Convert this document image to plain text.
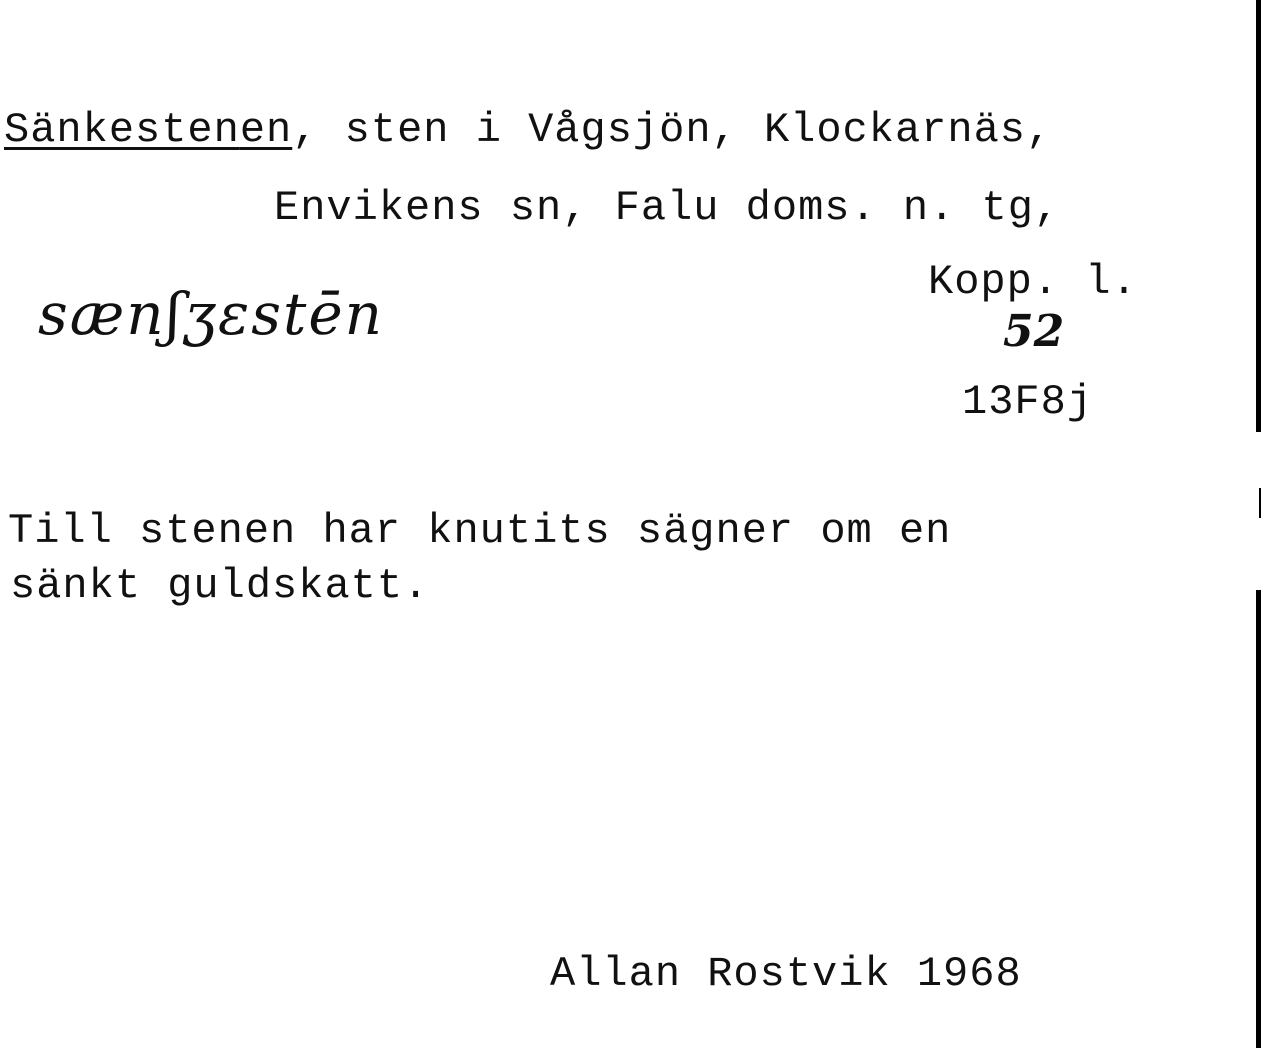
Sänkestenen, sten i Vågsjön, Klockarnäs,
Envikens sn, Falu doms. n. tg,
sænʃʒɛstēn	Kopp. l.
52
13F8j
Till stenen har knutits sägner om en
sänkt guldskatt.
Allan Rostvik 1968
